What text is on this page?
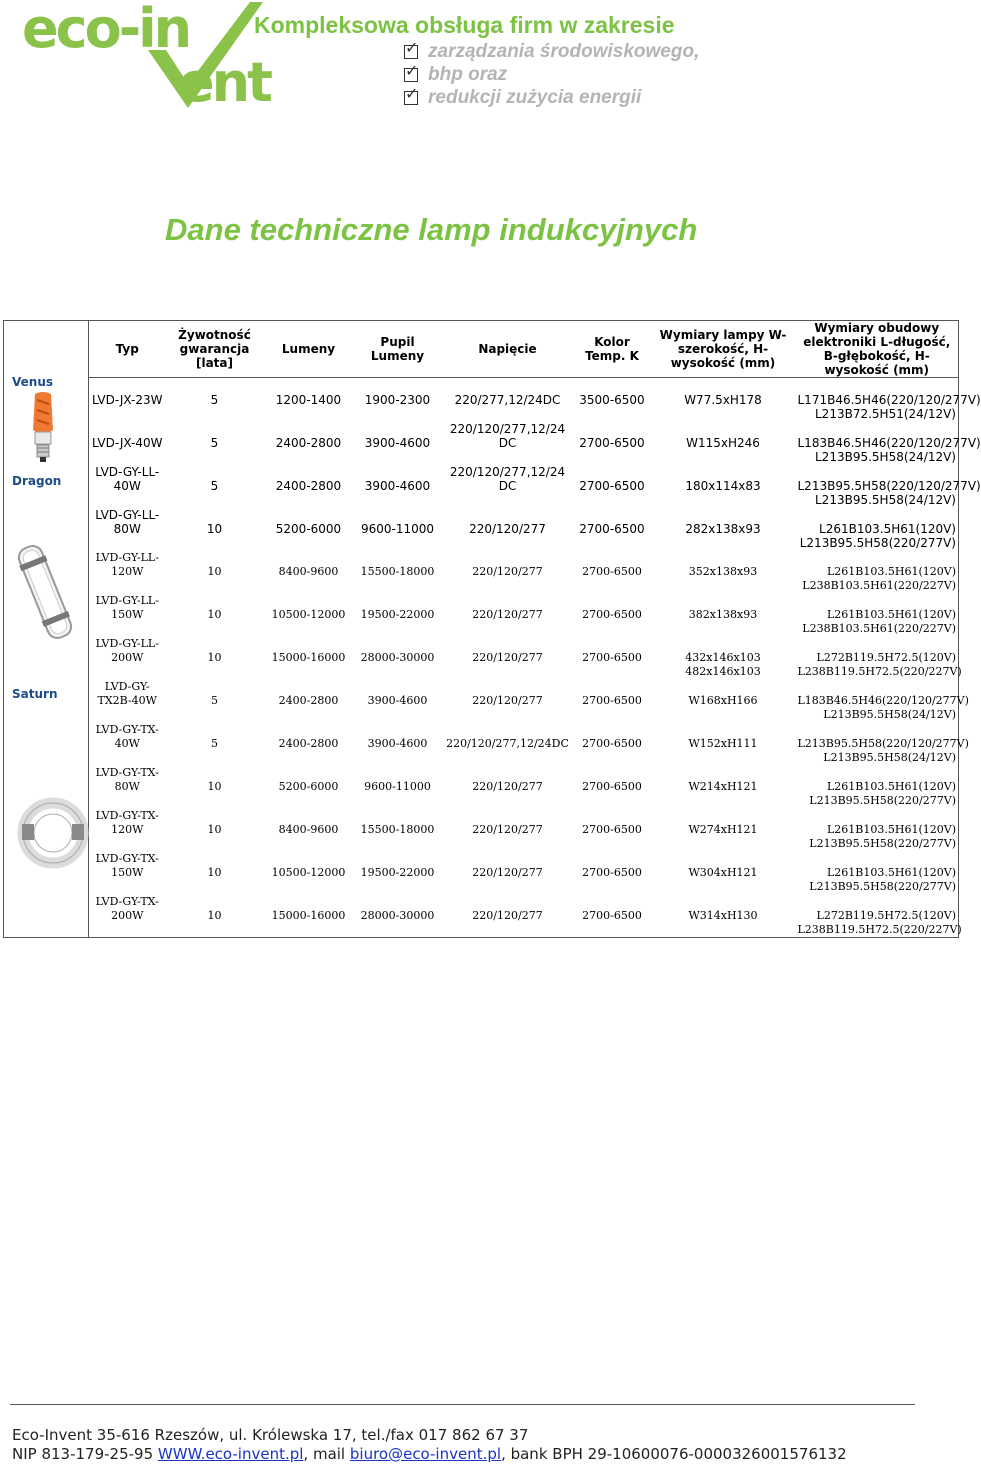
eco-in
ent
Kompleksowa obsługa firm w zakresie
✓
zarządzania środowiskowego,
✓
bhp oraz
✓
redukcji zużycia energii
Dane techniczne lamp indukcyjnych
	Typ	Żywotność gwarancja [lata]	Lumeny	Pupil Lumeny	Napięcie	Kolor Temp. K	Wymiary lampy W-szerokość, H-wysokość (mm)	Wymiary obudowy elektroniki L-długość, B-głębokość, H-wysokość (mm)
	LVD-JX-23W	5	1200-1400	1900-2300	220/277,12/24DC	3500-6500	W77.5xH178	L171B46.5H46(220/120/277V)
								L213B72.5H51(24/12V)
	LVD-JX-40W	5	2400-2800	3900-4600	220/120/277,12/24 DC	2700-6500	W115xH246	L183B46.5H46(220/120/277V)
								L213B95.5H58(24/12V)
	LVD-GY-LL-40W	5	2400-2800	3900-4600	220/120/277,12/24 DC	2700-6500	180x114x83	L213B95.5H58(220/120/277V)
								L213B95.5H58(24/12V)
	LVD-GY-LL-80W	10	5200-6000	9600-11000	220/120/277	2700-6500	282x138x93	L261B103.5H61(120V)
								L213B95.5H58(220/277V)
	LVD-GY-LL-120W	10	8400-9600	15500-18000	220/120/277	2700-6500	352x138x93	L261B103.5H61(120V)
								L238B103.5H61(220/227V)
	LVD-GY-LL-150W	10	10500-12000	19500-22000	220/120/277	2700-6500	382x138x93	L261B103.5H61(120V)
								L238B103.5H61(220/227V)
	LVD-GY-LL-200W	10	15000-16000	28000-30000	220/120/277	2700-6500	432x146x103	L272B119.5H72.5(120V)
							482x146x103	L238B119.5H72.5(220/227V)
	LVD-GY-TX2B-40W	5	2400-2800	3900-4600	220/120/277	2700-6500	W168xH166	L183B46.5H46(220/120/277V)
								L213B95.5H58(24/12V)
	LVD-GY-TX-40W	5	2400-2800	3900-4600	220/120/277,12/24DC	2700-6500	W152xH111	L213B95.5H58(220/120/277V)
								L213B95.5H58(24/12V)
	LVD-GY-TX-80W	10	5200-6000	9600-11000	220/120/277	2700-6500	W214xH121	L261B103.5H61(120V)
								L213B95.5H58(220/277V)
	LVD-GY-TX-120W	10	8400-9600	15500-18000	220/120/277	2700-6500	W274xH121	L261B103.5H61(120V)
								L213B95.5H58(220/277V)
	LVD-GY-TX-150W	10	10500-12000	19500-22000	220/120/277	2700-6500	W304xH121	L261B103.5H61(120V)
								L213B95.5H58(220/277V)
	LVD-GY-TX-200W	10	15000-16000	28000-30000	220/120/277	2700-6500	W314xH130	L272B119.5H72.5(120V)
								L238B119.5H72.5(220/227V)
Venus
Dragon
Saturn
Eco-Invent 35-616 Rzeszów, ul. Królewska 17, tel./fax 017 862 67 37
NIP 813-179-25-95 WWW.eco-invent.pl, mail biuro@eco-invent.pl, bank BPH 29-10600076-0000326001576132
